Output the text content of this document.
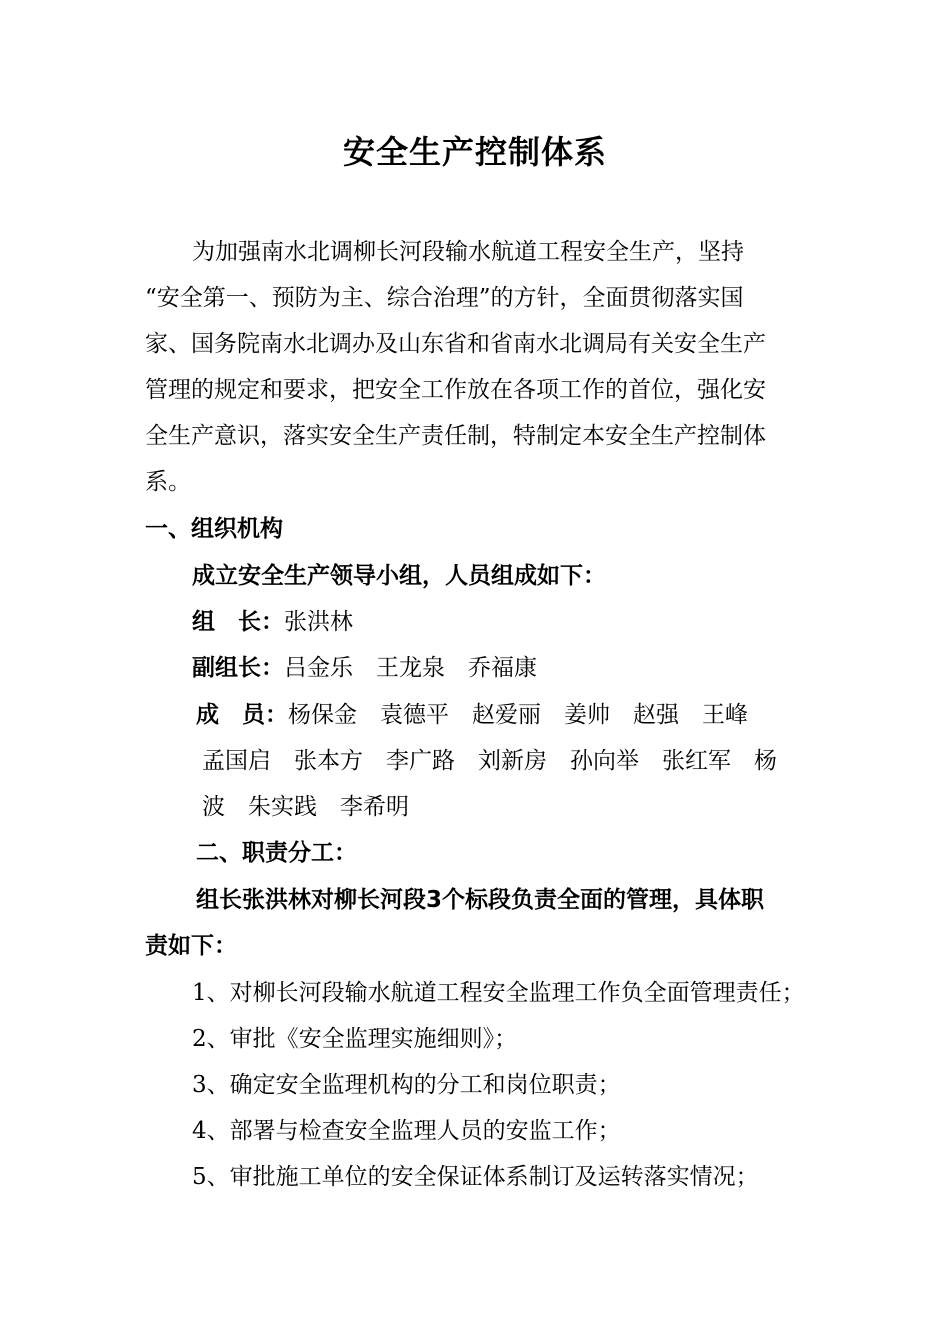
安全生产控制体系
为加强南水北调柳长河段输水航道工程安全生产，坚持
“安全第一、预防为主、综合治理”的方针，全面贯彻落实国
家、国务院南水北调办及山东省和省南水北调局有关安全生产
管理的规定和要求，把安全工作放在各项工作的首位，强化安
全生产意识，落实安全生产责任制，特制定本安全生产控制体
系。
一、组织机构
成立安全生产领导小组，人员组成如下：
组　长：张洪林
副组长：吕金乐　王龙泉　乔福康
成　员：杨保金　袁德平　赵爱丽　姜帅　赵强　王峰
孟国启　张本方　李广路　刘新房　孙向举　张红军　杨
波　朱实践　李希明
二、职责分工：
组长张洪林对柳长河段3个标段负责全面的管理，具体职
责如下：
1、对柳长河段输水航道工程安全监理工作负全面管理责任；
2、审批《安全监理实施细则》；
3、确定安全监理机构的分工和岗位职责；
4、部署与检查安全监理人员的安监工作；
5、审批施工单位的安全保证体系制订及运转落实情况；
